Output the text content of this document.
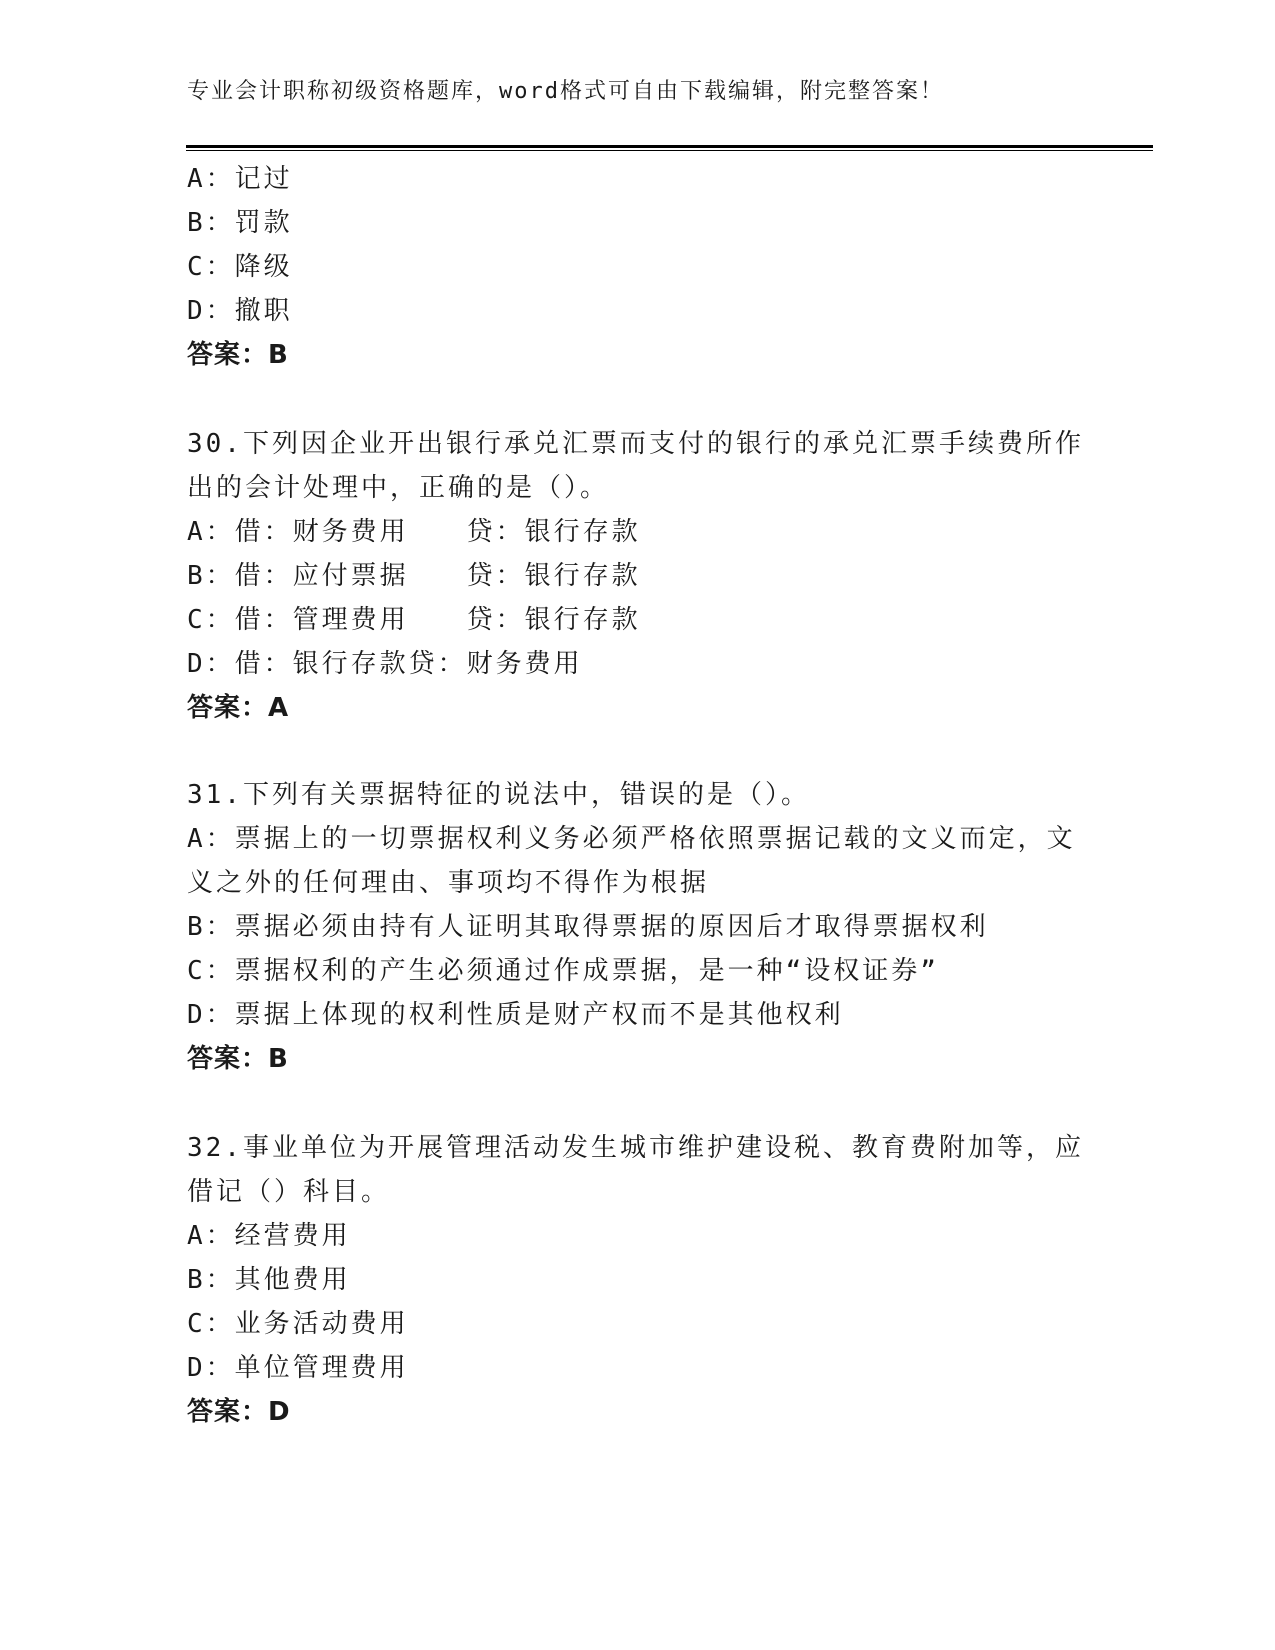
专业会计职称初级资格题库，word格式可自由下载编辑，附完整答案！
A：记过
B：罚款
C：降级
D：撤职
答案：B
30.下列因企业开出银行承兑汇票而支付的银行的承兑汇票手续费所作
出的会计处理中，正确的是（）。
A：借：财务费用 贷：银行存款
B：借：应付票据 贷：银行存款
C：借：管理费用 贷：银行存款
D：借：银行存款贷：财务费用
答案：A
31.下列有关票据特征的说法中，错误的是（）。
A：票据上的一切票据权利义务必须严格依照票据记载的文义而定，文
义之外的任何理由、事项均不得作为根据
B：票据必须由持有人证明其取得票据的原因后才取得票据权利
C：票据权利的产生必须通过作成票据，是一种“设权证券”
D：票据上体现的权利性质是财产权而不是其他权利
答案：B
32.事业单位为开展管理活动发生城市维护建设税、教育费附加等，应
借记（）科目。
A：经营费用
B：其他费用
C：业务活动费用
D：单位管理费用
答案：D
